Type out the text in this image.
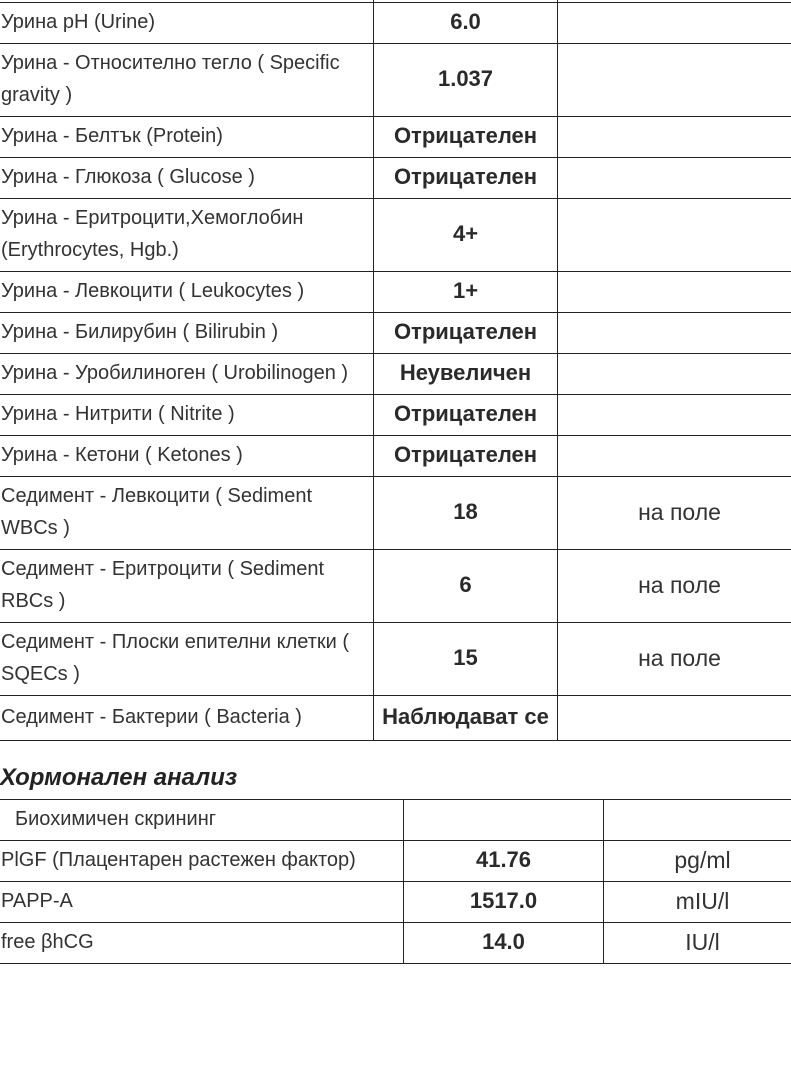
Урина pH (Urine)	6.0	
Урина - Относително тегло ( Specific gravity )	1.037	
Урина - Белтък (Protein)	Отрицателен	
Урина - Глюкоза ( Glucose )	Отрицателен	
Урина - Еритроцити,Хемоглобин (Erythrocytes, Hgb.)	4+	
Урина - Левкоцити ( Leukocytes )	1+	
Урина - Билирубин ( Bilirubin )	Отрицателен	
Урина - Уробилиноген ( Urobilinogen )	Неувеличен	
Урина - Нитрити ( Nitrite )	Отрицателен	
Урина - Кетони ( Ketones )	Отрицателен	
Седимент - Левкоцити ( Sediment WBCs )	18	на поле
Седимент - Еритроцити ( Sediment RBCs )	6	на поле
Седимент - Плоски епителни клетки ( SQECs )	15	на поле
Седимент - Бактерии ( Bacteria )	Наблюдават се	
Хормонален анализ
Биохимичен скрининг		
PlGF (Плацентарен растежен фактор)	41.76	pg/ml
PAPP-A	1517.0	mIU/l
free βhCG	14.0	IU/l
